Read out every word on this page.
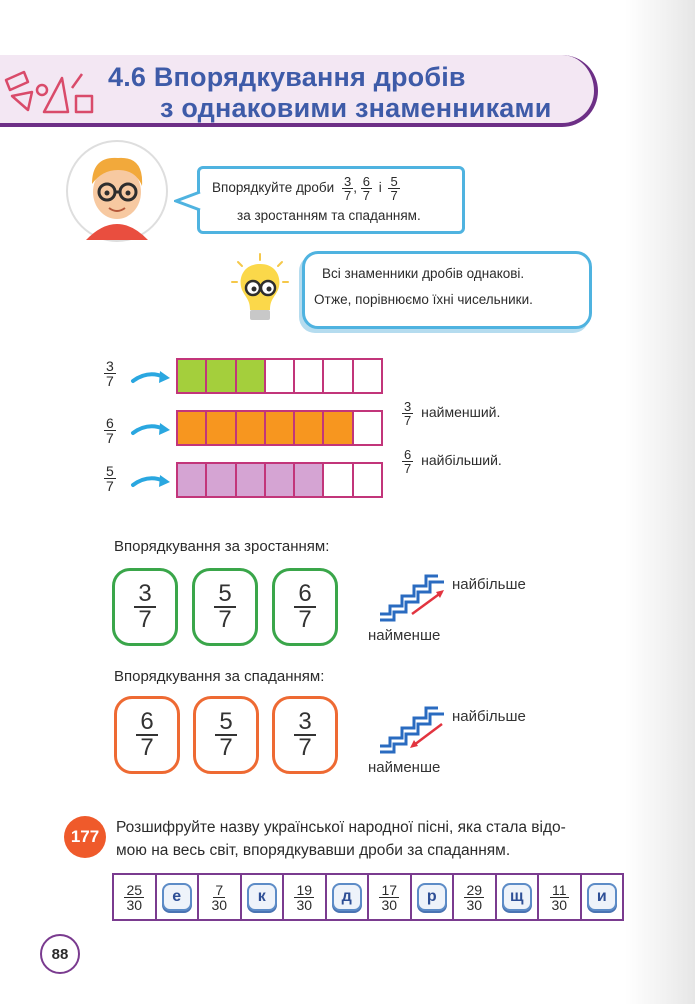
4.6 Впорядкування дробів
з однаковими знаменниками
Впорядкуйте дроби $\frac{3}{7}$ , $\frac{6}{7}$ і $\frac{5}{7}$
за зростанням та спаданням.
Всі знаменники дробів однакові.
Отже, порівнюємо їхні чисельники.
$\frac{3}{7}$
$\frac{6}{7}$
$\frac{5}{7}$
$\frac{3}{7}$ найменший.
$\frac{6}{7}$ найбільший.
Впорядкування за зростанням:
$\frac{3}{7} \frac{5}{7} \frac{6}{7}$	найбільше
найменше
Впорядкування за спаданням:
$\frac{6}{7} \frac{5}{7} \frac{3}{7}$	найбільше
найменше
177	Розшифруйте назву української народної пісні, яка стала відо-
мою на весь світ, впорядкувавши дроби за спаданням.
$\frac{25}{30}$	е	$\frac{7}{30}$	к	$\frac{19}{30}$	д	$\frac{17}{30}$	р	$\frac{29}{30}$	щ	$\frac{11}{30}$	и
88
